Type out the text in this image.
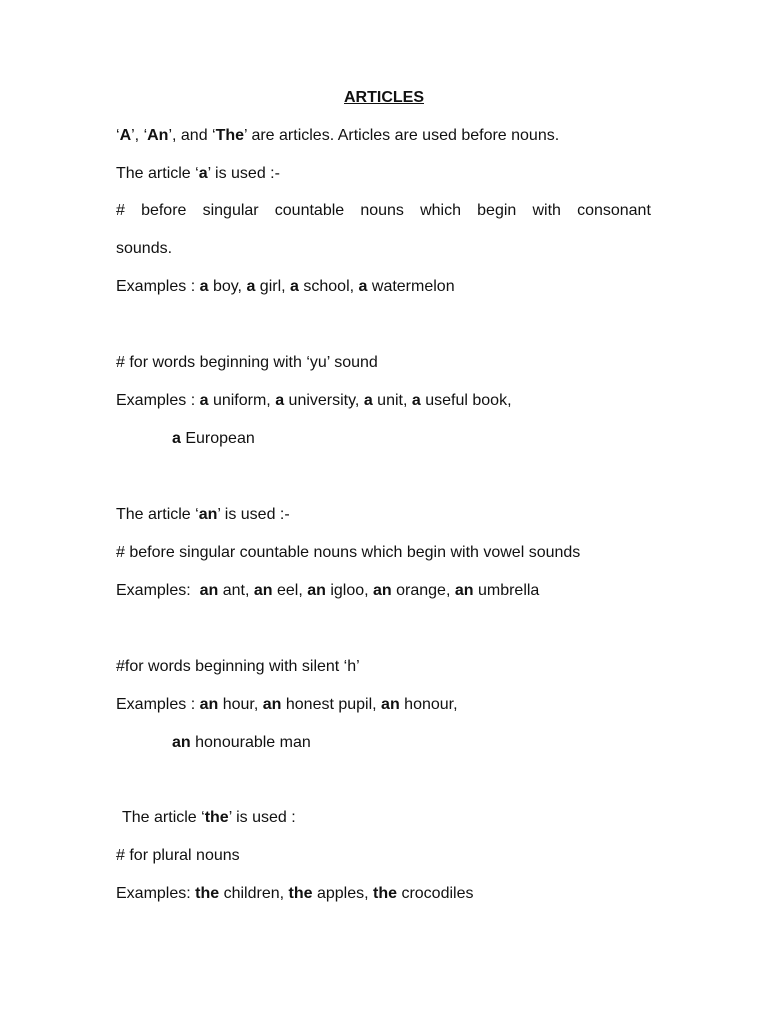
ARTICLES
‘A’, ‘An’, and ‘The’ are articles. Articles are used before nouns.
The article ‘a’ is used :-
# before singular countable nouns which begin with consonant
sounds.
Examples : a boy, a girl, a school, a watermelon
# for words beginning with ‘yu’ sound
Examples : a uniform, a university, a unit, a useful book,
a European
The article ‘an’ is used :-
# before singular countable nouns which begin with vowel sounds
Examples:  an ant, an eel, an igloo, an orange, an umbrella
#for words beginning with silent ‘h’
Examples : an hour, an honest pupil, an honour,
an honourable man
The article ‘the’ is used :
# for plural nouns
Examples: the children, the apples, the crocodiles
